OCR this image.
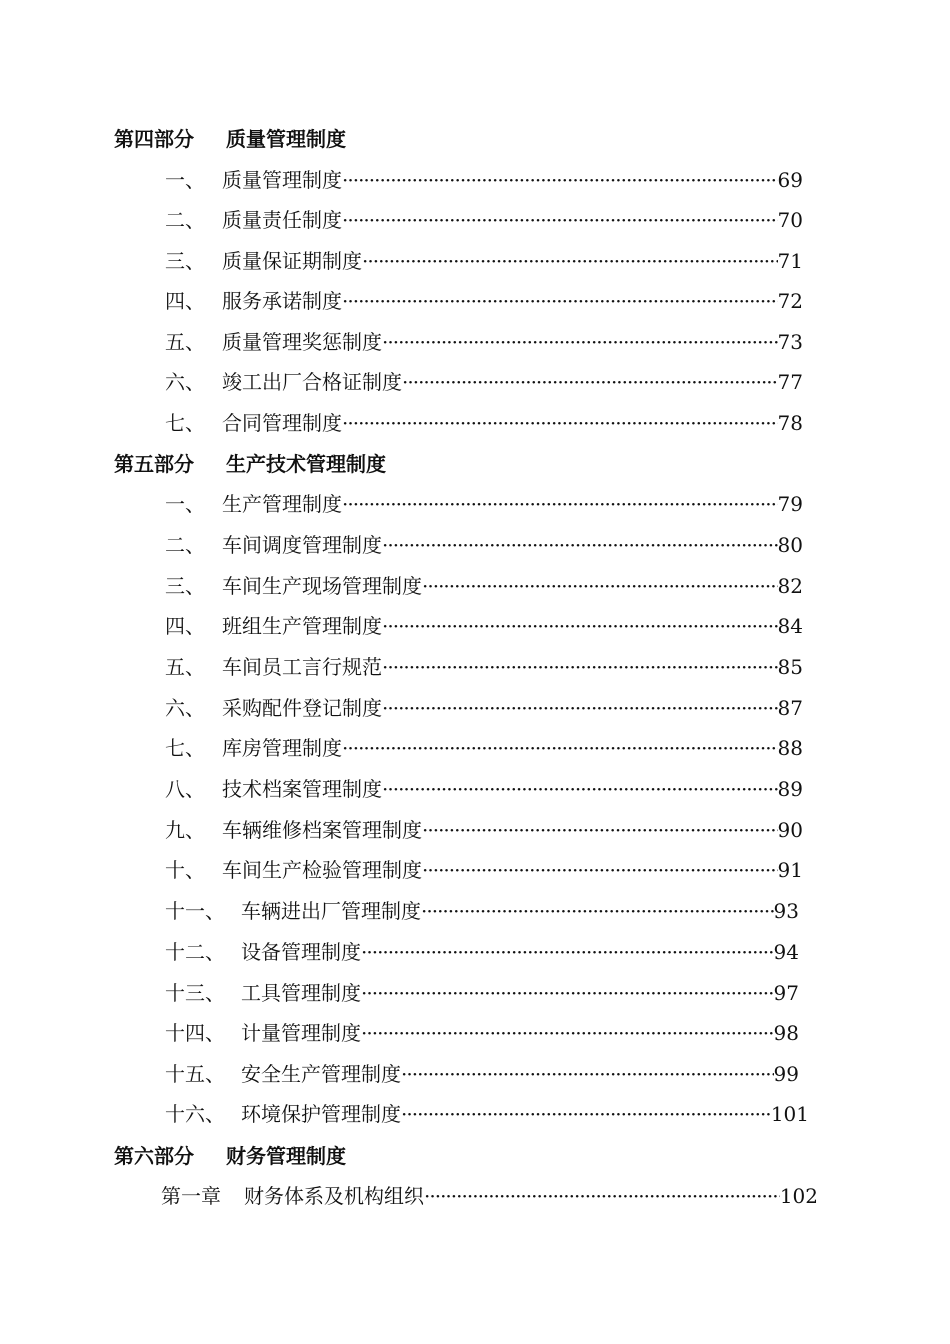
第四部分 质量管理制度
一、 质量管理制度 ·····	69
二、 质量责任制度 ·····	70
三、 质量保证期制度 ·····	71
四、 服务承诺制度 ·····	72
五、 质量管理奖惩制度 ·····	73
六、 竣工出厂合格证制度 ·····	77
七、 合同管理制度 ·····	78
第五部分 生产技术管理制度
一、 生产管理制度 ·····	79
二、 车间调度管理制度 ·····	80
三、 车间生产现场管理制度 ·····	82
四、 班组生产管理制度 ·····	84
五、 车间员工言行规范 ·····	85
六、 采购配件登记制度 ·····	87
七、 库房管理制度 ·····	88
八、 技术档案管理制度 ·····	89
九、 车辆维修档案管理制度 ·····	90
十、 车间生产检验管理制度 ·····	91
十一、 车辆进出厂管理制度 ·····	93
十二、 设备管理制度 ·····	94
十三、 工具管理制度 ·····	97
十四、 计量管理制度 ·····	98
十五、 安全生产管理制度 ·····	99
十六、 环境保护管理制度 ·····	101
第六部分 财务管理制度
第一章	财务体系及机构组织 ·····	102
